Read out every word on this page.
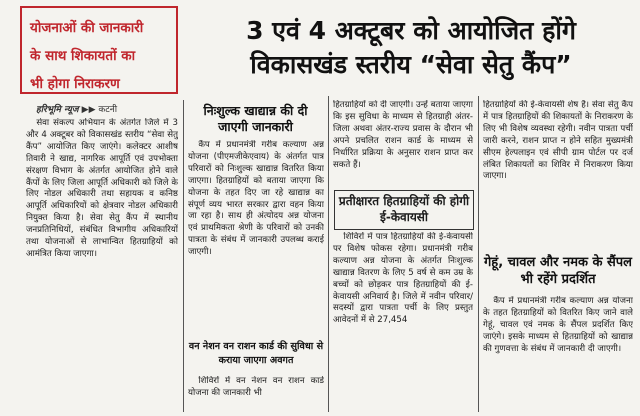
योजनाओं की जानकारी
के साथ शिकायतों का
भी होगा निराकरण
3 एवं 4 अक्टूबर को आयोजित होंगे
विकासखंड स्तरीय “सेवा सेतु कैंप”
हरिभूमि न्यूज ▶▶ कटनी

सेवा संकल्प अभियान के अंतर्गत जिले में 3 और 4 अक्टूबर को विकासखंड स्तरीय “सेवा सेतु कैंप” आयोजित किए जाएंगे। कलेक्टर आशीष तिवारी ने खाद्य, नागरिक आपूर्ति एवं उपभोक्ता संरक्षण विभाग के अंतर्गत आयोजित होने वाले कैंपों के लिए जिला आपूर्ति अधिकारी को जिले के लिए नोडल अधिकारी तथा सहायक व कनिष्ठ आपूर्ति अधिकारियों को क्षेत्रवार नोडल अधिकारी नियुक्त किया है। सेवा सेतु कैंप में स्थानीय जनप्रतिनिधियों, संबंधित विभागीय अधिकारियों तथा योजनाओं से लाभान्वित हितग्राहियों को आमंत्रित किया जाएगा।

निःशुल्क खाद्यान्न की दी जाएगी जानकारी

कैंप में प्रधानमंत्री गरीब कल्याण अन्न योजना (पीएमजीकेएवाय) के अंतर्गत पात्र परिवारों को निःशुल्क खाद्यान्न वितरित किया जाएगा। हितग्राहियों को बताया जाएगा कि योजना के तहत दिए जा रहे खाद्यान्न का संपूर्ण व्यय भारत सरकार द्वारा वहन किया जा रहा है। साथ ही अंत्योदय अन्न योजना एवं प्राथमिकता श्रेणी के परिवारों को उनकी पात्रता के संबंध में जानकारी उपलब्ध कराई जाएगी।

वन नेशन वन राशन कार्ड की सुविधा से कराया जाएगा अवगत

शिविरों में वन नेशन वन राशन कार्ड योजना की जानकारी भी

हितग्राहियों को दी जाएगी। उन्हें बताया जाएगा कि इस सुविधा के माध्यम से हितग्राही अंतर-जिला अथवा अंतर-राज्य प्रवास के दौरान भी अपने प्रचलित राशन कार्ड के माध्यम से निर्धारित प्रक्रिया के अनुसार राशन प्राप्त कर सकते हैं।

प्रतीक्षारत हितग्राहियों की होगी ई-केवायसी

शिविरों में पात्र हितग्राहियों की ई-केवायसी पर विशेष फोकस रहेगा। प्रधानमंत्री गरीब कल्याण अन्न योजना के अंतर्गत निःशुल्क खाद्यान्न वितरण के लिए 5 वर्ष से कम उम्र के बच्चों को छोड़कर पात्र हितग्राहियों की ई-केवायसी अनिवार्य है। जिले में नवीन परिवार/सदस्यों द्वारा पात्रता पर्ची के लिए प्रस्तुत आवेदनों में से 27,454

हितग्राहियों की ई-केवायसी शेष है। सेवा सेतु कैंप में पात्र हितग्राहियों की शिकायतों के निराकरण के लिए भी विशेष व्यवस्था रहेगी। नवीन पात्रता पर्ची जारी करने, राशन प्राप्त न होने सहित मुख्यमंत्री सीएम हेल्पलाइन एवं सीपी ग्राम पोर्टल पर दर्ज लंबित शिकायतों का शिविर में निराकरण किया जाएगा।

गेहूं, चावल और नमक के सैंपल भी रहेंगे प्रदर्शित

कैंप में प्रधानमंत्री गरीब कल्याण अन्न योजना के तहत हितग्राहियों को वितरित किए जाने वाले गेहूं, चावल एवं नमक के सैंपल प्रदर्शित किए जाएंगे। इसके माध्यम से हितग्राहियों को खाद्यान्न की गुणवत्ता के संबंध में जानकारी दी जाएगी।
